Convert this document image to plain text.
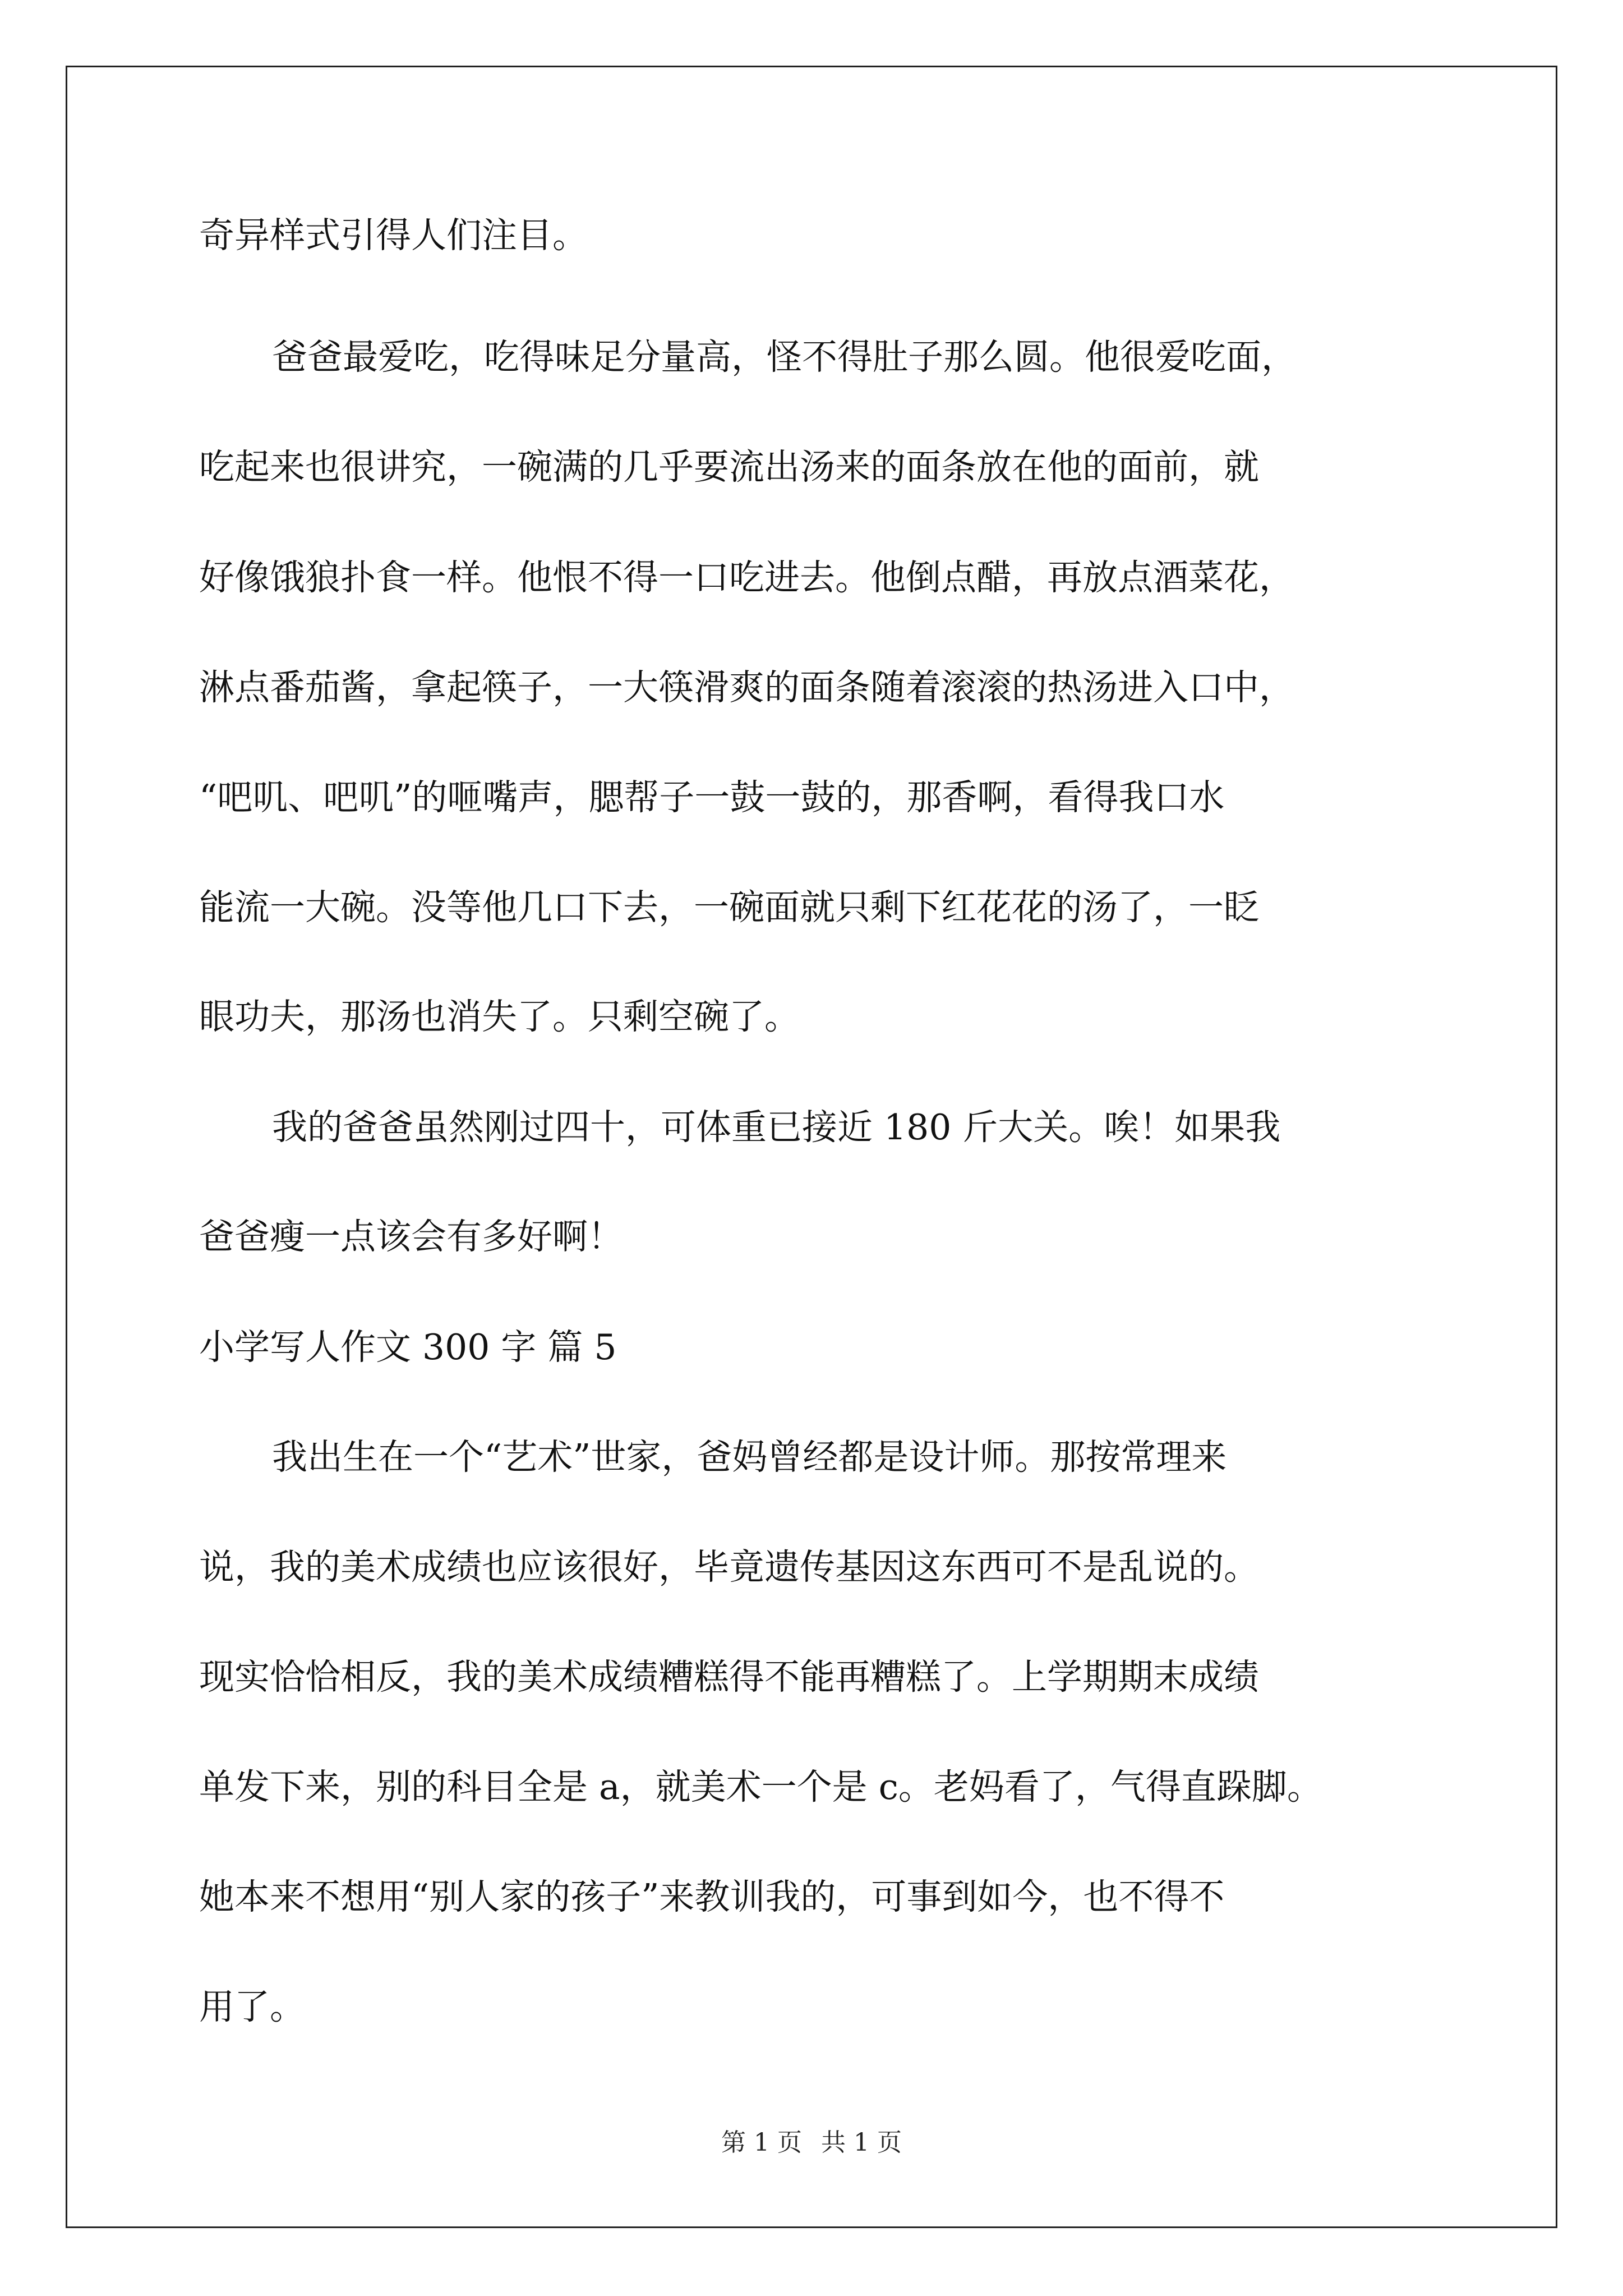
奇异样式引得人们注目。

爸爸最爱吃，吃得味足分量高，怪不得肚子那么圆。他很爱吃面，

吃起来也很讲究，一碗满的几乎要流出汤来的面条放在他的面前，就

好像饿狼扑食一样。他恨不得一口吃进去。他倒点醋，再放点酒菜花，

淋点番茄酱，拿起筷子，一大筷滑爽的面条随着滚滚的热汤进入口中，

“吧叽、吧叽”的咂嘴声，腮帮子一鼓一鼓的，那香啊，看得我口水

能流一大碗。没等他几口下去，一碗面就只剩下红花花的汤了，一眨

眼功夫，那汤也消失了。只剩空碗了。

我的爸爸虽然刚过四十，可体重已接近 180 斤大关。唉！如果我

爸爸瘦一点该会有多好啊！

小学写人作文 300 字 篇 5

我出生在一个“艺术”世家，爸妈曾经都是设计师。那按常理来

说，我的美术成绩也应该很好，毕竟遗传基因这东西可不是乱说的。

现实恰恰相反，我的美术成绩糟糕得不能再糟糕了。上学期期末成绩

单发下来，别的科目全是 a，就美术一个是 c。老妈看了，气得直跺脚。

她本来不想用“别人家的孩子”来教训我的，可事到如今，也不得不

用了。

第 1 页 共 1 页
